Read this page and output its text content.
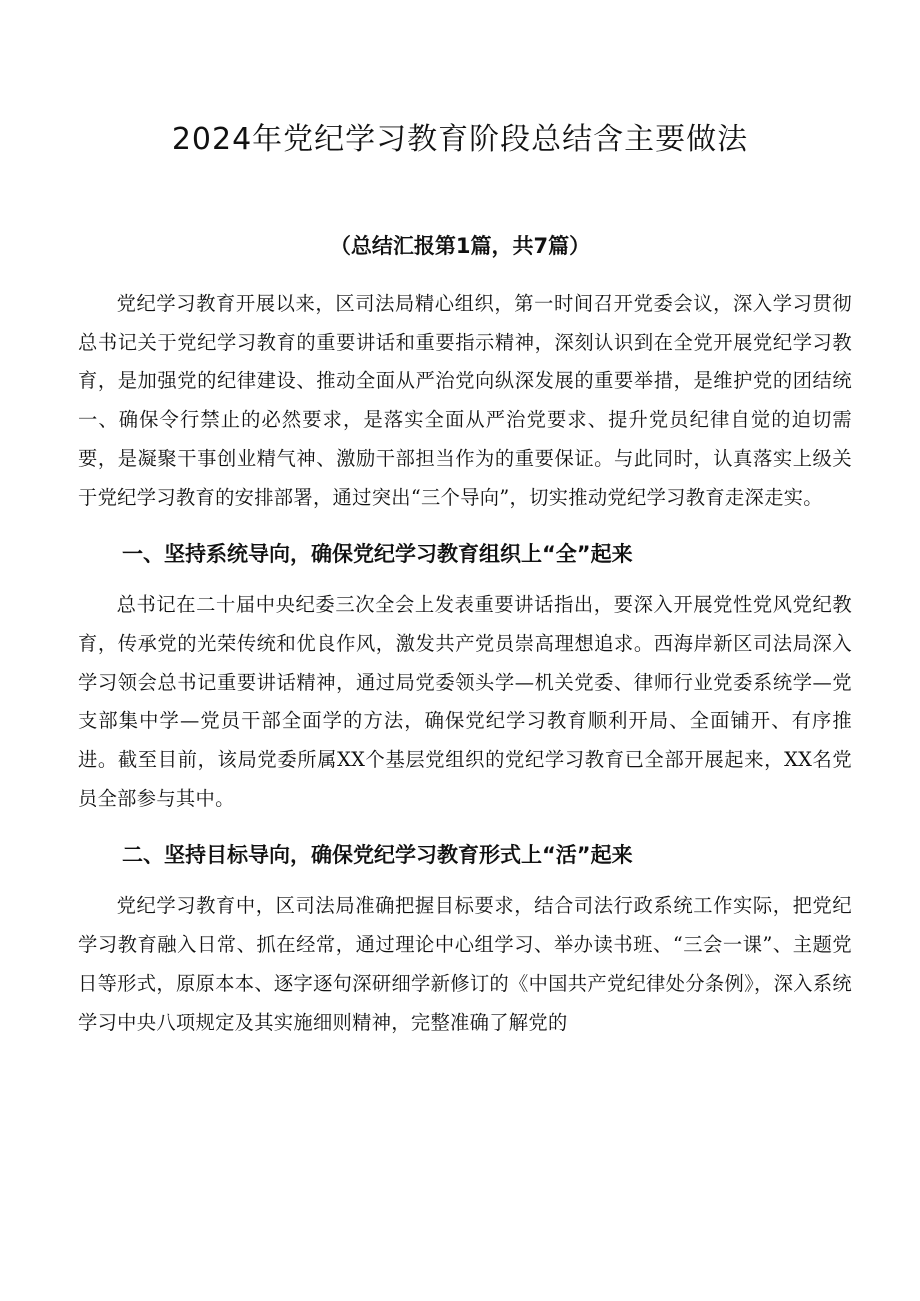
2024年党纪学习教育阶段总结含主要做法
（总结汇报第1篇，共7篇）

党纪学习教育开展以来，区司法局精心组织，第一时间召开党委会议，深入学习贯彻总书记关于党纪学习教育的重要讲话和重要指示精神，深刻认识到在全党开展党纪学习教育，是加强党的纪律建设、推动全面从严治党向纵深发展的重要举措，是维护党的团结统一、确保令行禁止的必然要求，是落实全面从严治党要求、提升党员纪律自觉的迫切需要，是凝聚干事创业精气神、激励干部担当作为的重要保证。与此同时，认真落实上级关于党纪学习教育的安排部署，通过突出“三个导向”，切实推动党纪学习教育走深走实。

一、坚持系统导向，确保党纪学习教育组织上“全”起来

总书记在二十届中央纪委三次全会上发表重要讲话指出，要深入开展党性党风党纪教育，传承党的光荣传统和优良作风，激发共产党员崇高理想追求。西海岸新区司法局深入学习领会总书记重要讲话精神，通过局党委领头学—机关党委、律师行业党委系统学—党支部集中学—党员干部全面学的方法，确保党纪学习教育顺利开局、全面铺开、有序推进。截至目前，该局党委所属XX个基层党组织的党纪学习教育已全部开展起来，XX名党员全部参与其中。

二、坚持目标导向，确保党纪学习教育形式上“活”起来

党纪学习教育中，区司法局准确把握目标要求，结合司法行政系统工作实际，把党纪学习教育融入日常、抓在经常，通过理论中心组学习、举办读书班、“三会一课”、主题党日等形式，原原本本、逐字逐句深研细学新修订的《中国共产党纪律处分条例》，深入系统学习中央八项规定及其实施细则精神，完整准确了解党的
